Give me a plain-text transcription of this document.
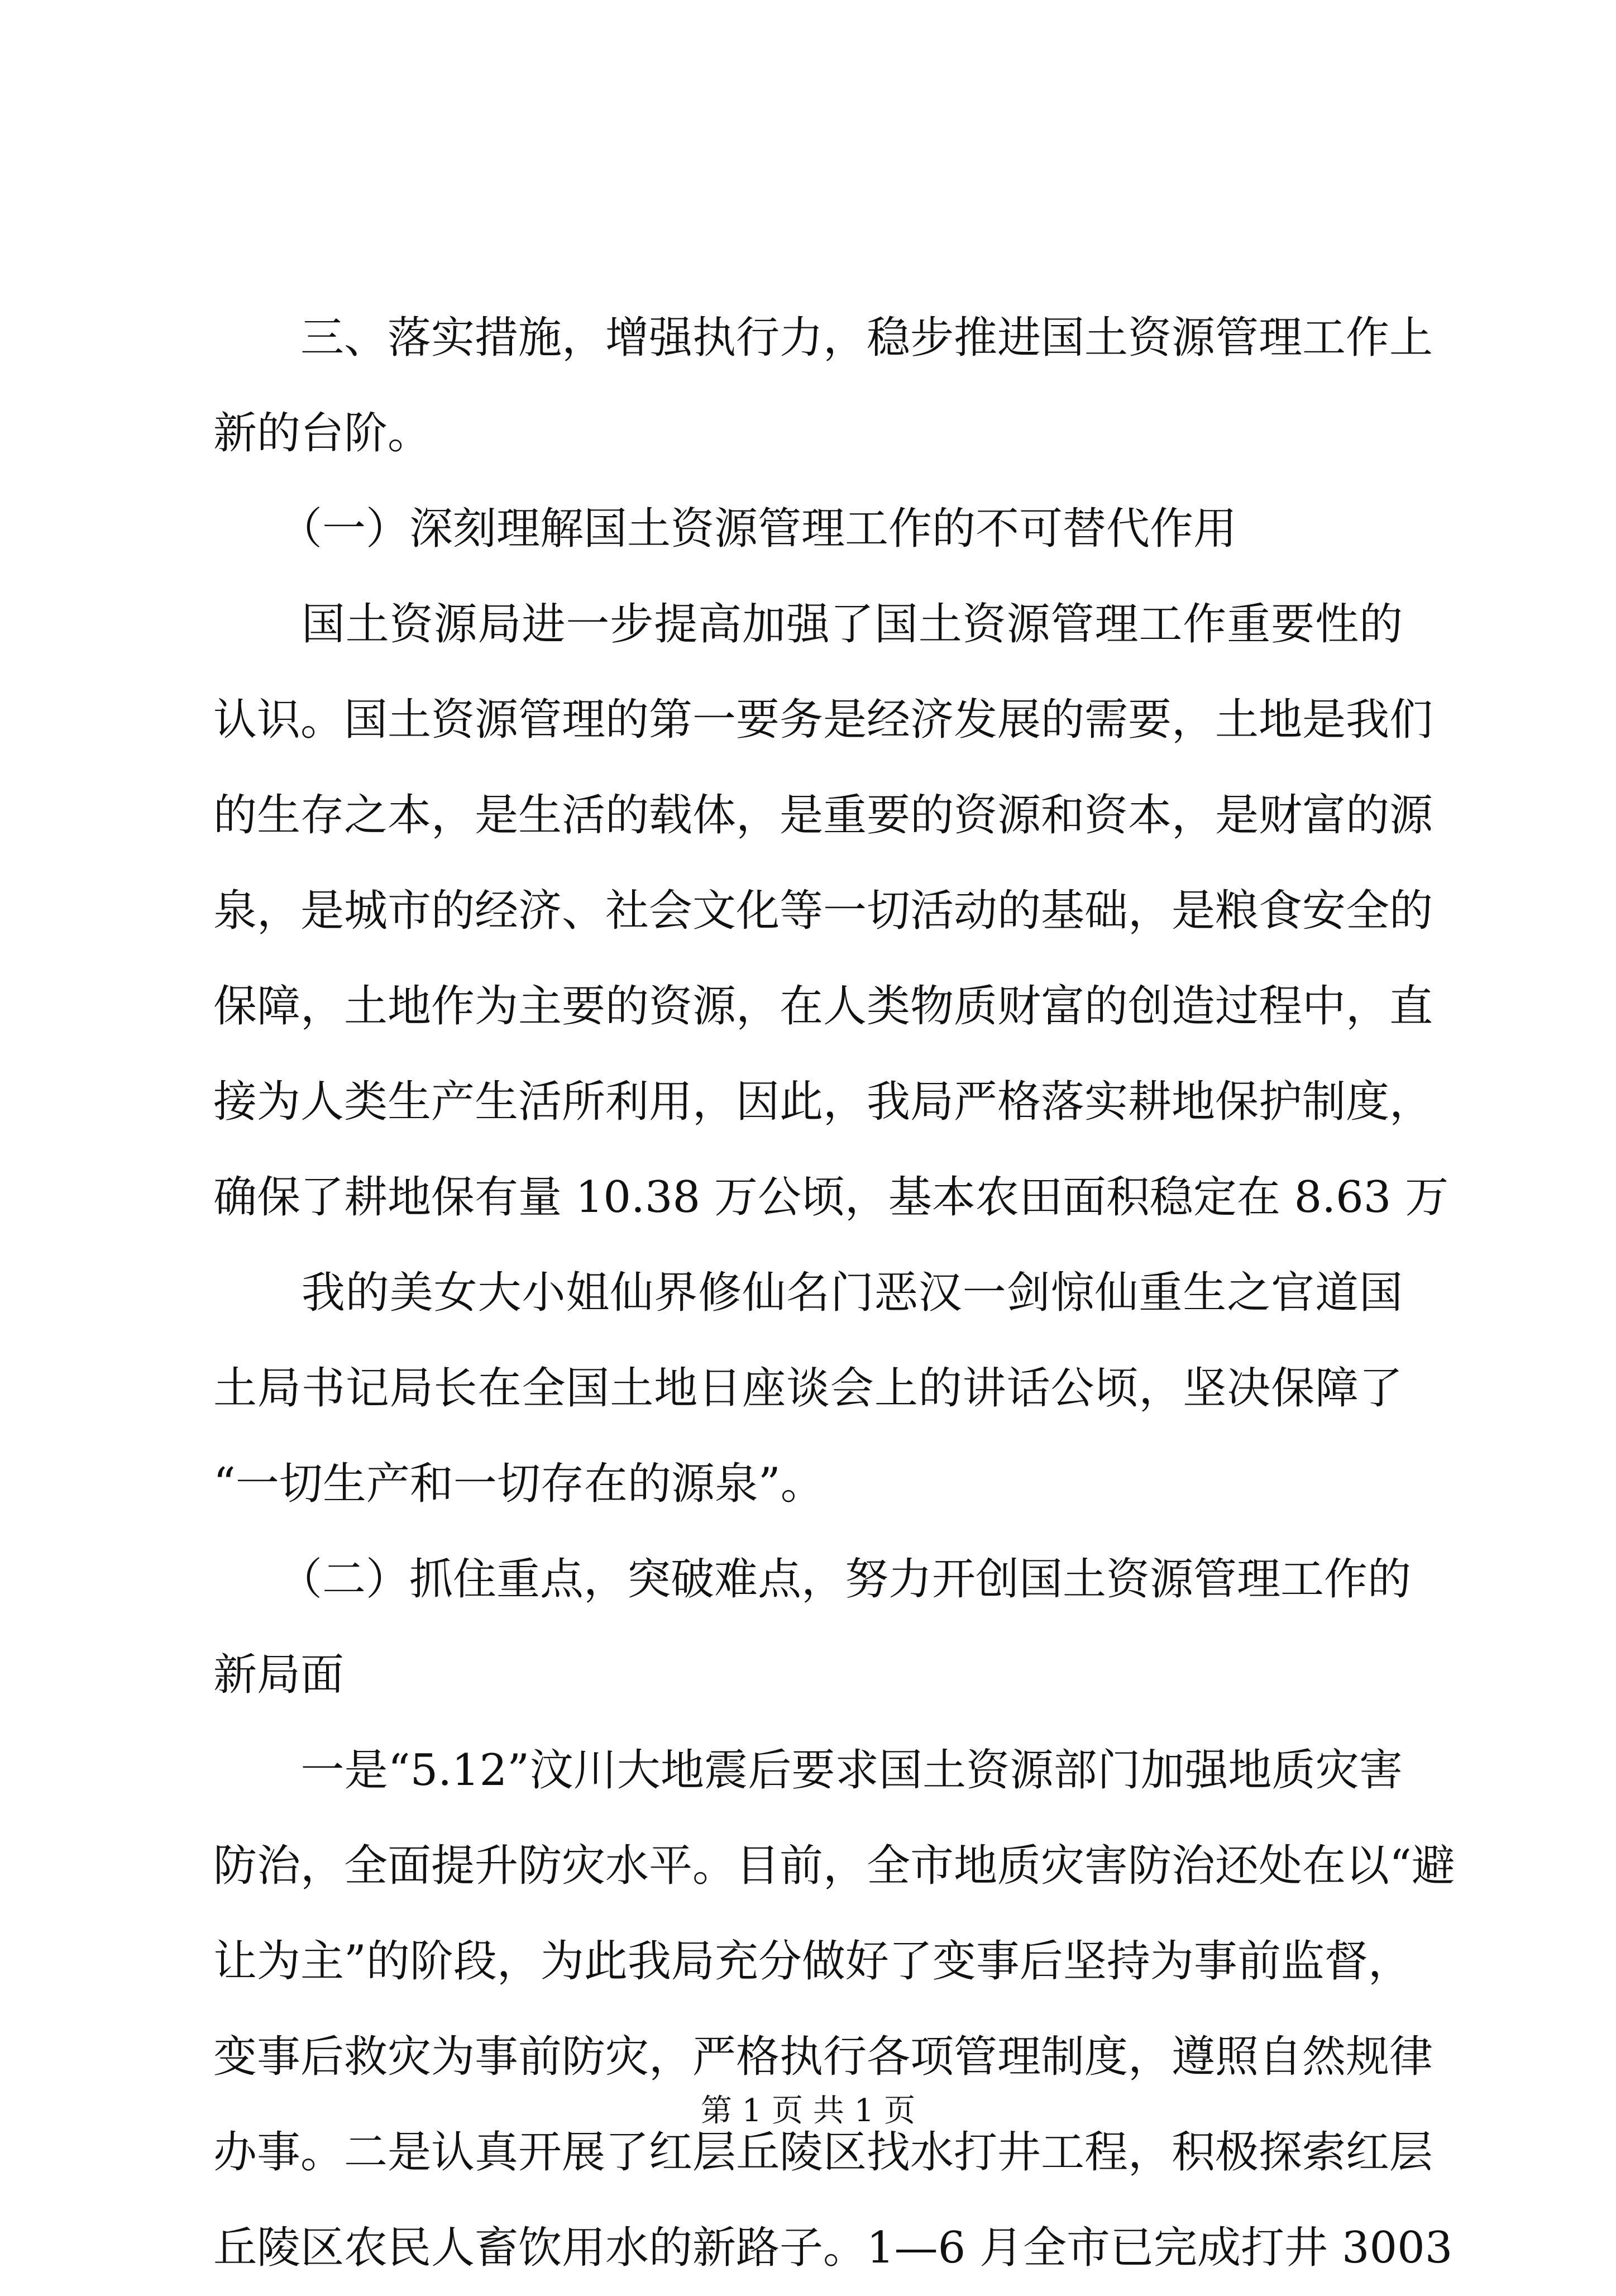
　　三、落实措施，增强执行力，稳步推进国土资源管理工作上
新的台阶。
　　（一）深刻理解国土资源管理工作的不可替代作用
　　国土资源局进一步提高加强了国土资源管理工作重要性的
认识。国土资源管理的第一要务是经济发展的需要，土地是我们
的生存之本，是生活的载体，是重要的资源和资本，是财富的源
泉，是城市的经济、社会文化等一切活动的基础，是粮食安全的
保障，土地作为主要的资源，在人类物质财富的创造过程中，直
接为人类生产生活所利用，因此，我局严格落实耕地保护制度，
确保了耕地保有量 10.38 万公顷，基本农田面积稳定在 8.63 万
　　我的美女大小姐仙界修仙名门恶汉一剑惊仙重生之官道国
土局书记局长在全国土地日座谈会上的讲话公顷，坚决保障了
“一切生产和一切存在的源泉”。
　　（二）抓住重点，突破难点，努力开创国土资源管理工作的
新局面
　　一是“5.12”汶川大地震后要求国土资源部门加强地质灾害
防治，全面提升防灾水平。目前，全市地质灾害防治还处在以“避
让为主”的阶段，为此我局充分做好了变事后坚持为事前监督，
变事后救灾为事前防灾，严格执行各项管理制度，遵照自然规律
办事。二是认真开展了红层丘陵区找水打井工程，积极探索红层
丘陵区农民人畜饮用水的新路子。1—6 月全市已完成打井 3003
第 1 页 共 1 页
